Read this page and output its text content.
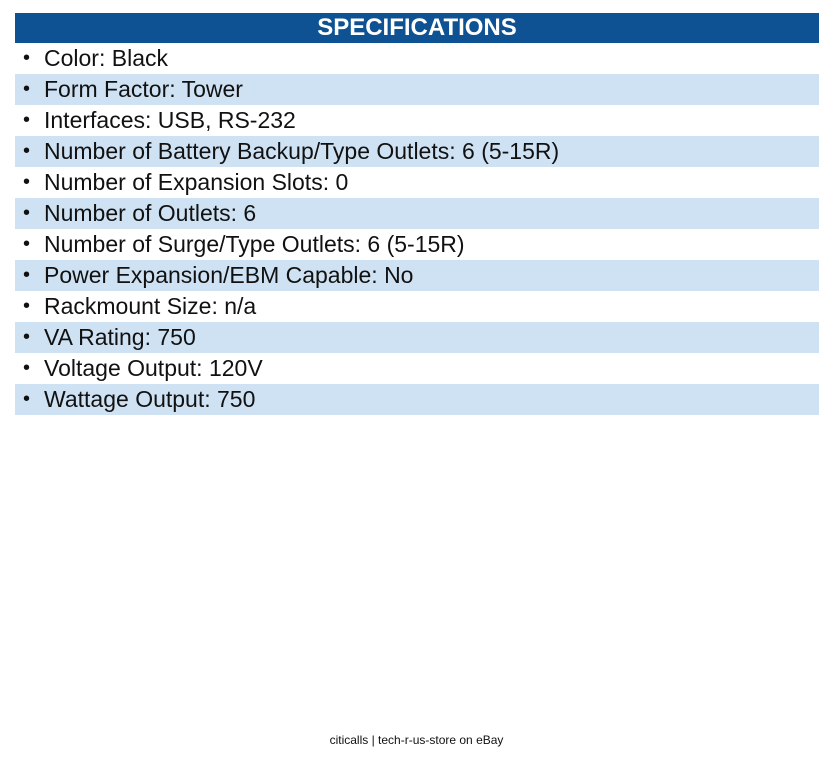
SPECIFICATIONS
• Color: Black
• Form Factor: Tower
• Interfaces: USB, RS-232
• Number of Battery Backup/Type Outlets: 6 (5-15R)
• Number of Expansion Slots: 0
• Number of Outlets: 6
• Number of Surge/Type Outlets: 6 (5-15R)
• Power Expansion/EBM Capable: No
• Rackmount Size: n/a
• VA Rating: 750
• Voltage Output: 120V
• Wattage Output: 750
citicalls | tech-r-us-store on eBay
